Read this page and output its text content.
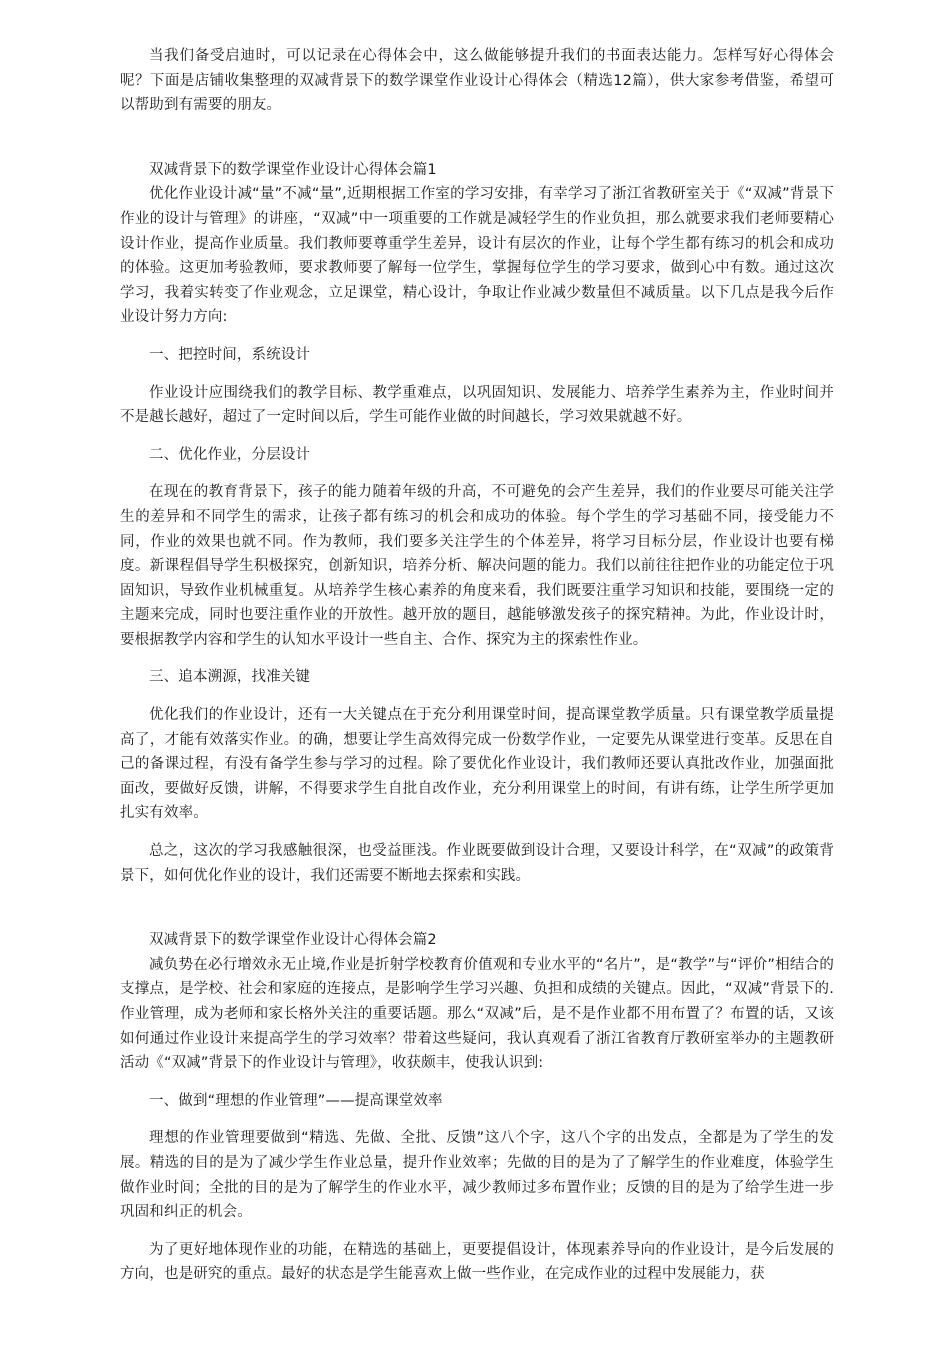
当我们备受启迪时，可以记录在心得体会中，这么做能够提升我们的书面表达能力。怎样写好心得体会呢？下面是店铺收集整理的双减背景下的数学课堂作业设计心得体会（精选12篇），供大家参考借鉴，希望可以帮助到有需要的朋友。

双减背景下的数学课堂作业设计心得体会篇1

优化作业设计减“量”不减“量”,近期根据工作室的学习安排，有幸学习了浙江省教研室关于《“双减”背景下作业的设计与管理》的讲座，“双减”中一项重要的工作就是减轻学生的作业负担，那么就要求我们老师要精心设计作业，提高作业质量。我们教师要尊重学生差异，设计有层次的作业，让每个学生都有练习的机会和成功的体验。这更加考验教师，要求教师要了解每一位学生，掌握每位学生的学习要求，做到心中有数。通过这次学习，我着实转变了作业观念，立足课堂，精心设计，争取让作业减少数量但不减质量。以下几点是我今后作业设计努力方向:

一、把控时间，系统设计

作业设计应围绕我们的教学目标、教学重难点，以巩固知识、发展能力、培养学生素养为主，作业时间并不是越长越好，超过了一定时间以后，学生可能作业做的时间越长，学习效果就越不好。

二、优化作业，分层设计

在现在的教育背景下，孩子的能力随着年级的升高，不可避免的会产生差异，我们的作业要尽可能关注学生的差异和不同学生的需求，让孩子都有练习的机会和成功的体验。每个学生的学习基础不同，接受能力不同，作业的效果也就不同。作为教师，我们要多关注学生的个体差异，将学习目标分层，作业设计也要有梯度。新课程倡导学生积极探究，创新知识，培养分析、解决问题的能力。我们以前往往把作业的功能定位于巩固知识，导致作业机械重复。从培养学生核心素养的角度来看，我们既要注重学习知识和技能，要围绕一定的主题来完成，同时也要注重作业的开放性。越开放的题目，越能够激发孩子的探究精神。为此，作业设计时，要根据教学内容和学生的认知水平设计一些自主、合作、探究为主的探索性作业。

三、追本溯源，找准关键

优化我们的作业设计，还有一大关键点在于充分利用课堂时间，提高课堂教学质量。只有课堂教学质量提高了，才能有效落实作业。的确，想要让学生高效得完成一份数学作业，一定要先从课堂进行变革。反思在自己的备课过程，有没有备学生参与学习的过程。除了要优化作业设计，我们教师还要认真批改作业，加强面批面改，要做好反馈，讲解，不得要求学生自批自改作业，充分利用课堂上的时间，有讲有练，让学生所学更加扎实有效率。

总之，这次的学习我感触很深，也受益匪浅。作业既要做到设计合理，又要设计科学，在“双减”的政策背景下，如何优化作业的设计，我们还需要不断地去探索和实践。

双减背景下的数学课堂作业设计心得体会篇2

减负势在必行增效永无止境,作业是折射学校教育价值观和专业水平的“名片”，是“教学”与“评价”相结合的支撑点，是学校、社会和家庭的连接点，是影响学生学习兴趣、负担和成绩的关键点。因此，“双减”背景下的.作业管理，成为老师和家长格外关注的重要话题。那么“双减”后，是不是作业都不用布置了？布置的话，又该如何通过作业设计来提高学生的学习效率？带着这些疑问，我认真观看了浙江省教育厅教研室举办的主题教研活动《“双减”背景下的作业设计与管理》，收获颇丰，使我认识到:

一、做到“理想的作业管理”——提高课堂效率

理想的作业管理要做到“精选、先做、全批、反馈”这八个字，这八个字的出发点，全都是为了学生的发展。精选的目的是为了减少学生作业总量，提升作业效率；先做的目的是为了了解学生的作业难度，体验学生做作业时间；全批的目的是为了解学生的作业水平，减少教师过多布置作业；反馈的目的是为了给学生进一步巩固和纠正的机会。

为了更好地体现作业的功能，在精选的基础上，更要提倡设计，体现素养导向的作业设计，是今后发展的方向，也是研究的重点。最好的状态是学生能喜欢上做一些作业，在完成作业的过程中发展能力，获
